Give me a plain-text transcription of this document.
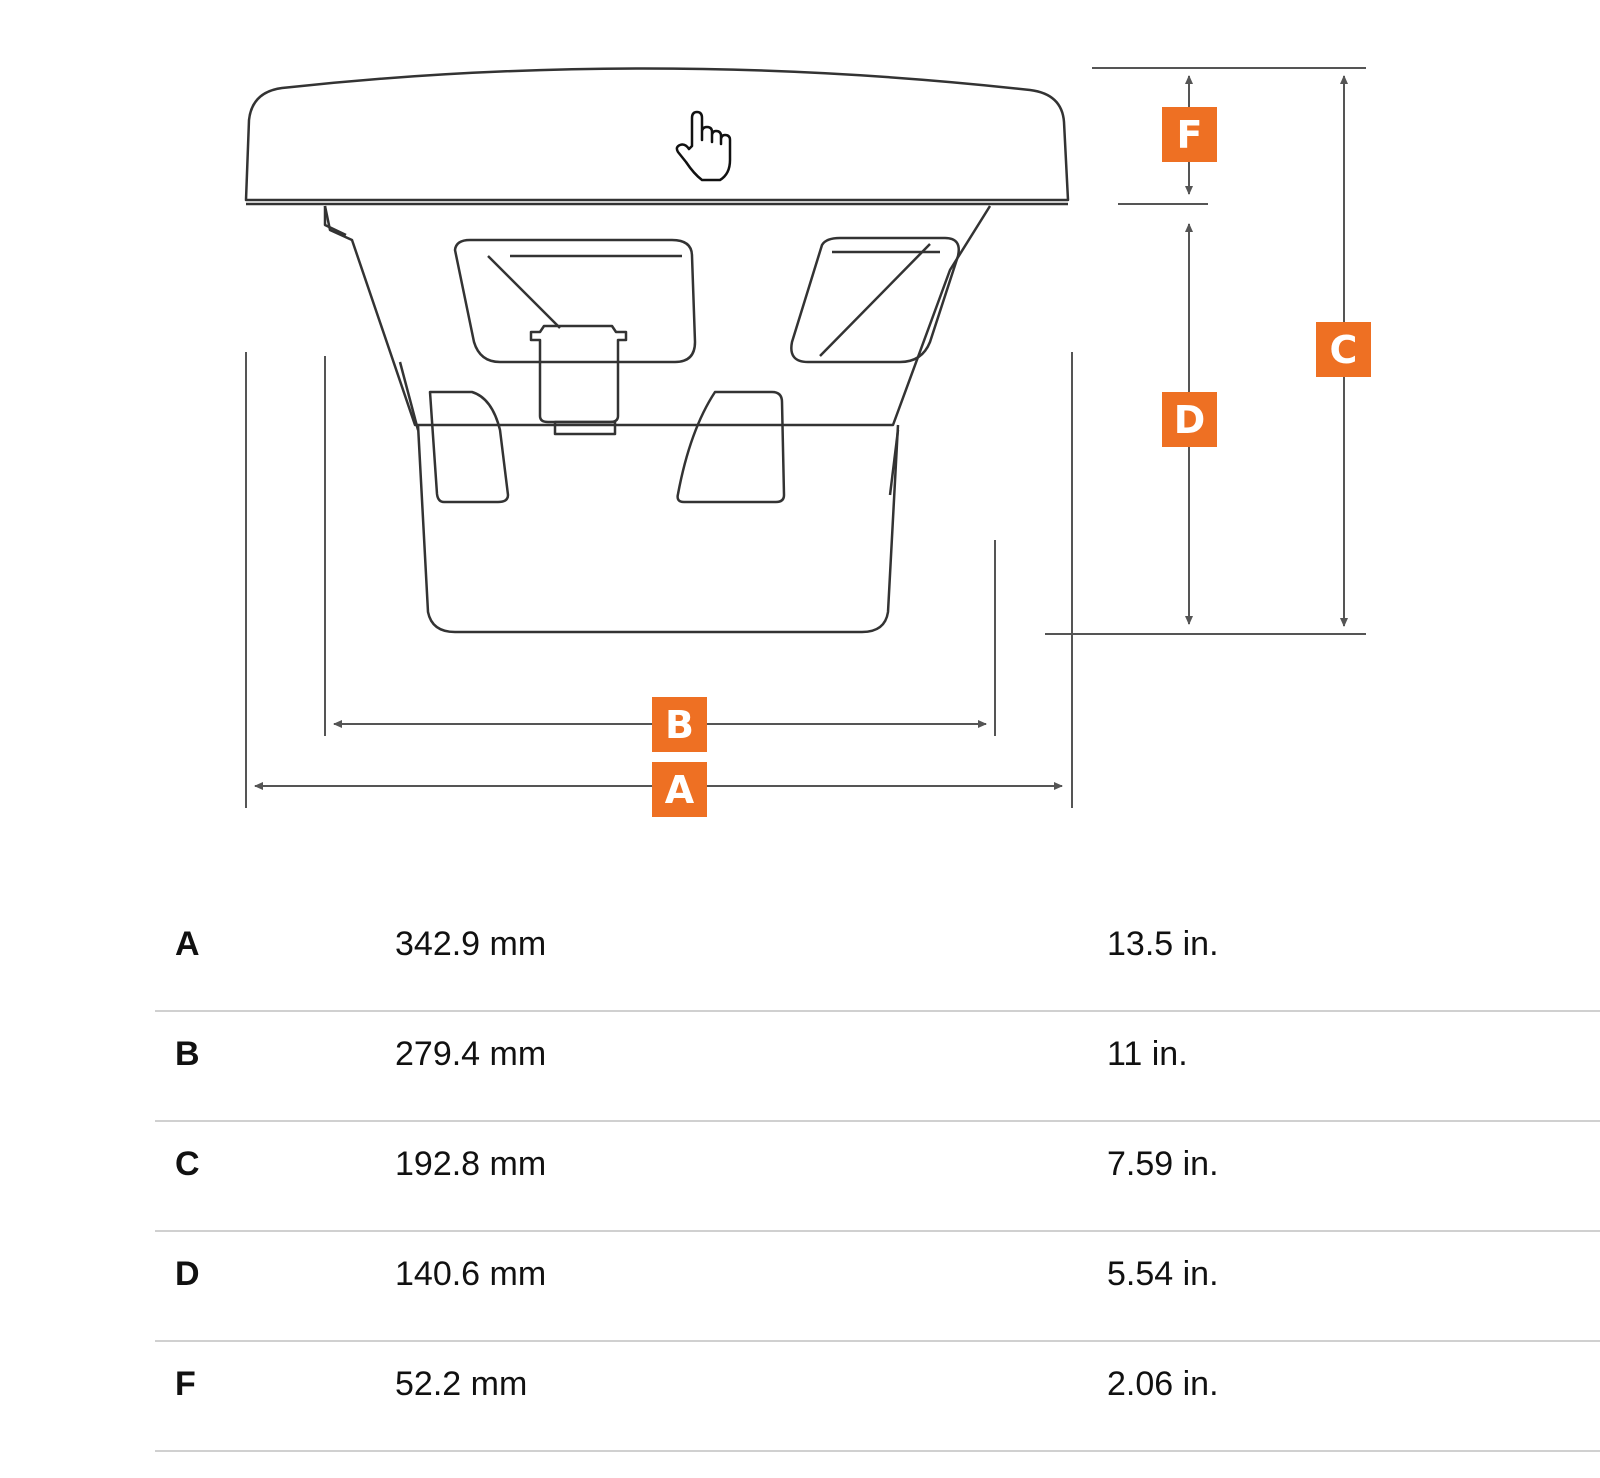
F
C
D
B
A
A	342.9 mm	13.5 in.
B	279.4 mm	11 in.
C	192.8 mm	7.59 in.
D	140.6 mm	5.54 in.
F	52.2 mm	2.06 in.
